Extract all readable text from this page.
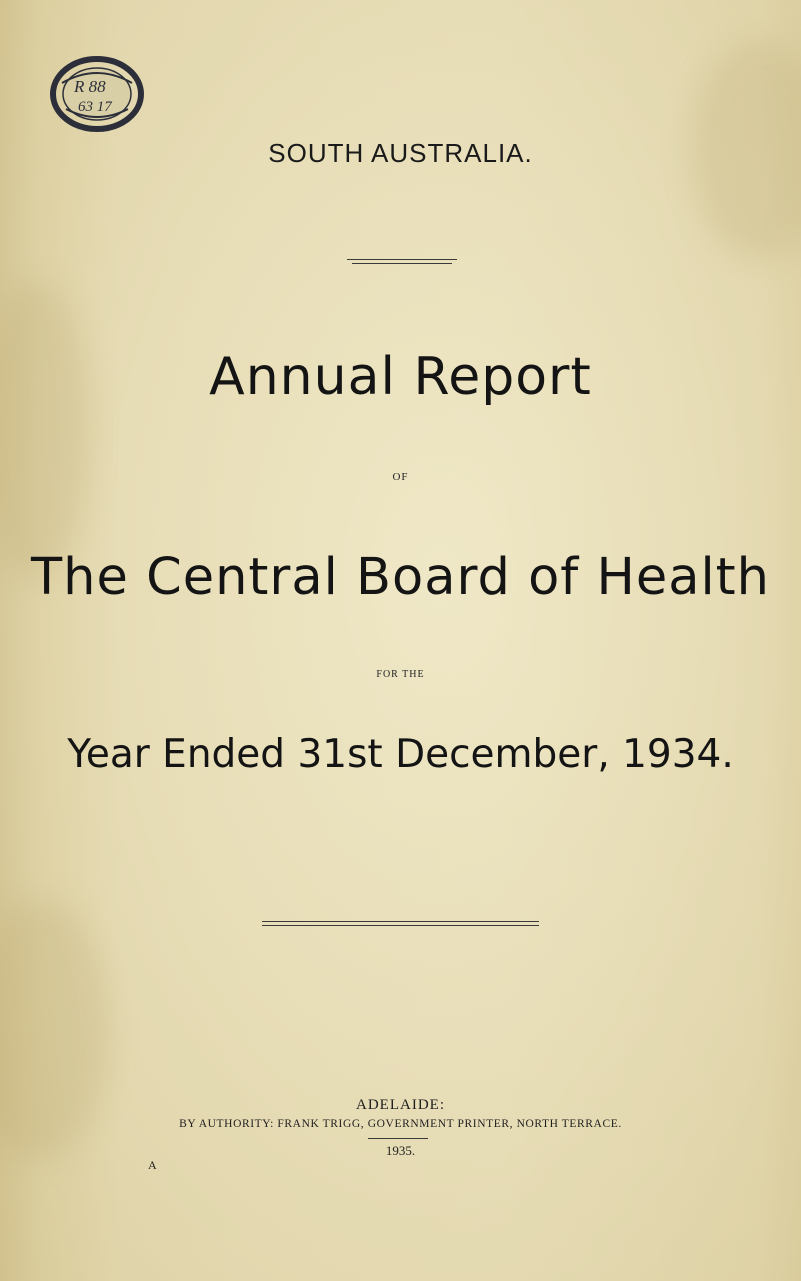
R 88
63 17
SOUTH AUSTRALIA.
Annual Report
OF
The Central Board of Health
FOR THE
Year Ended 31st December, 1934.
ADELAIDE:
BY AUTHORITY: FRANK TRIGG, GOVERNMENT PRINTER, NORTH TERRACE.
1935.
A
